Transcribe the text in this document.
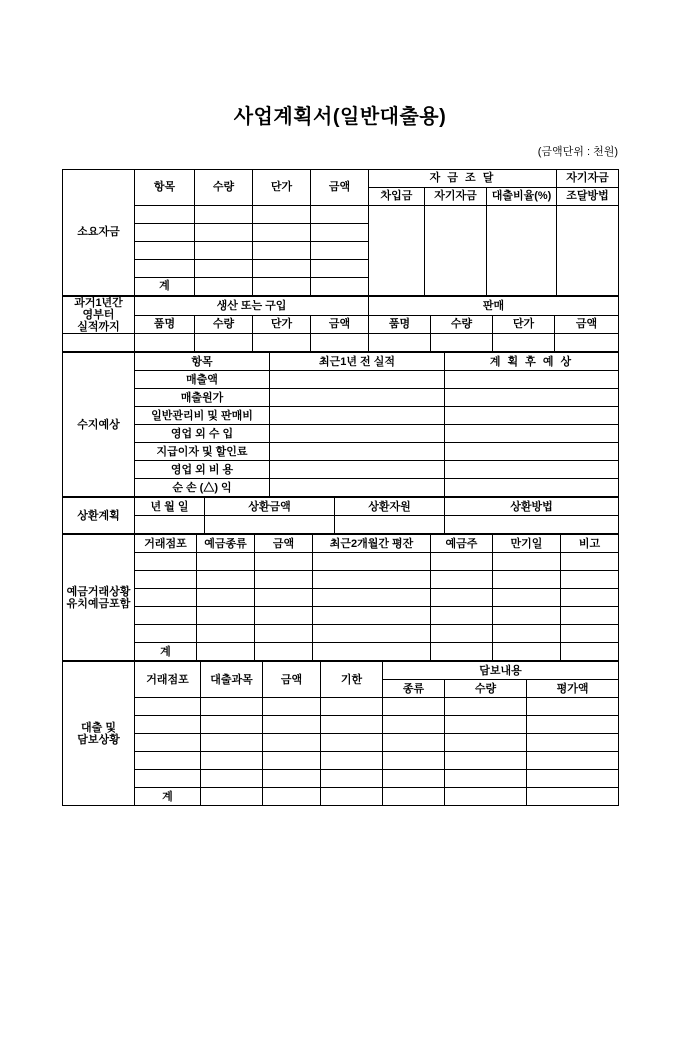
사업계획서(일반대출용)
(금액단위 : 천원)
소요자금	항목	수량	단가	금액	자 금 조 달			자기자금
					차입금	자기자금	대출비율(%)	조달방법

	계							
과거1년간
영부터
실적까지	생산 또는 구입				판매			
	품명	수량	단가	금액	품명	수량	단가	금액

수지예상	항목	최근1년 전 실적	계 획 후 예 상
	매출액		
	매출원가		
	일반관리비 및 판매비		
	영업 외 수 입		
	지급이자 및 할인료		
	영업 외 비 용		
	순 손 (△) 익		
상환계획	년 월 일	상환금액	상환자원	상환방법

예금거래상황
유치예금포함	거래점포	예금종류	금액	최근2개월간 평잔	예금주	만기일	비고

	계						
대출 및
담보상황	거래점포	대출과목	금액	기한	담보내용		
					종류	수량	평가액

	계						
